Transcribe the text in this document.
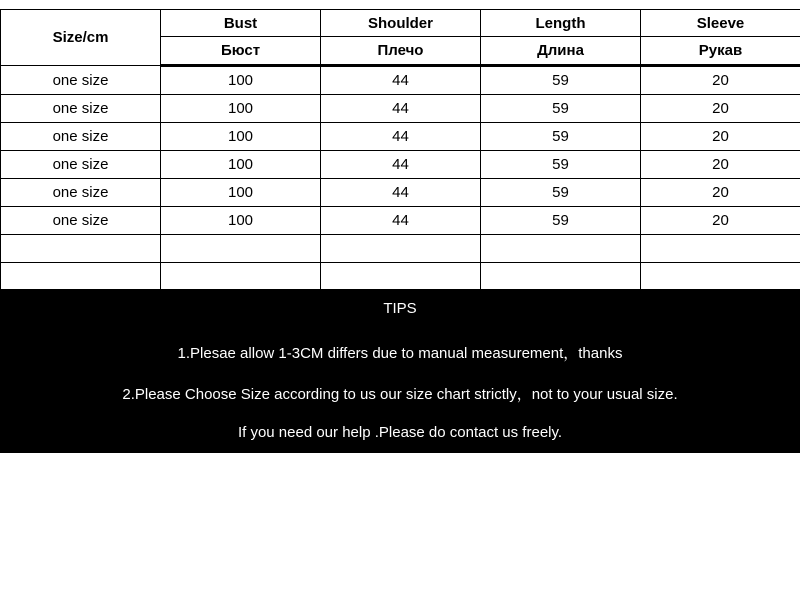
Size/cm	Bust	Shoulder	Length	Sleeve
	Бюст	Плечо	Длина	Рукав
one size	100	44	59	20
one size	100	44	59	20
one size	100	44	59	20
one size	100	44	59	20
one size	100	44	59	20
one size	100	44	59	20

TIPS
1.Plesae allow 1-3CM differs due to manual measurement，thanks
2.Please Choose Size according to us our size chart strictly，not to your usual size.
If you need our help .Please do contact us freely.
